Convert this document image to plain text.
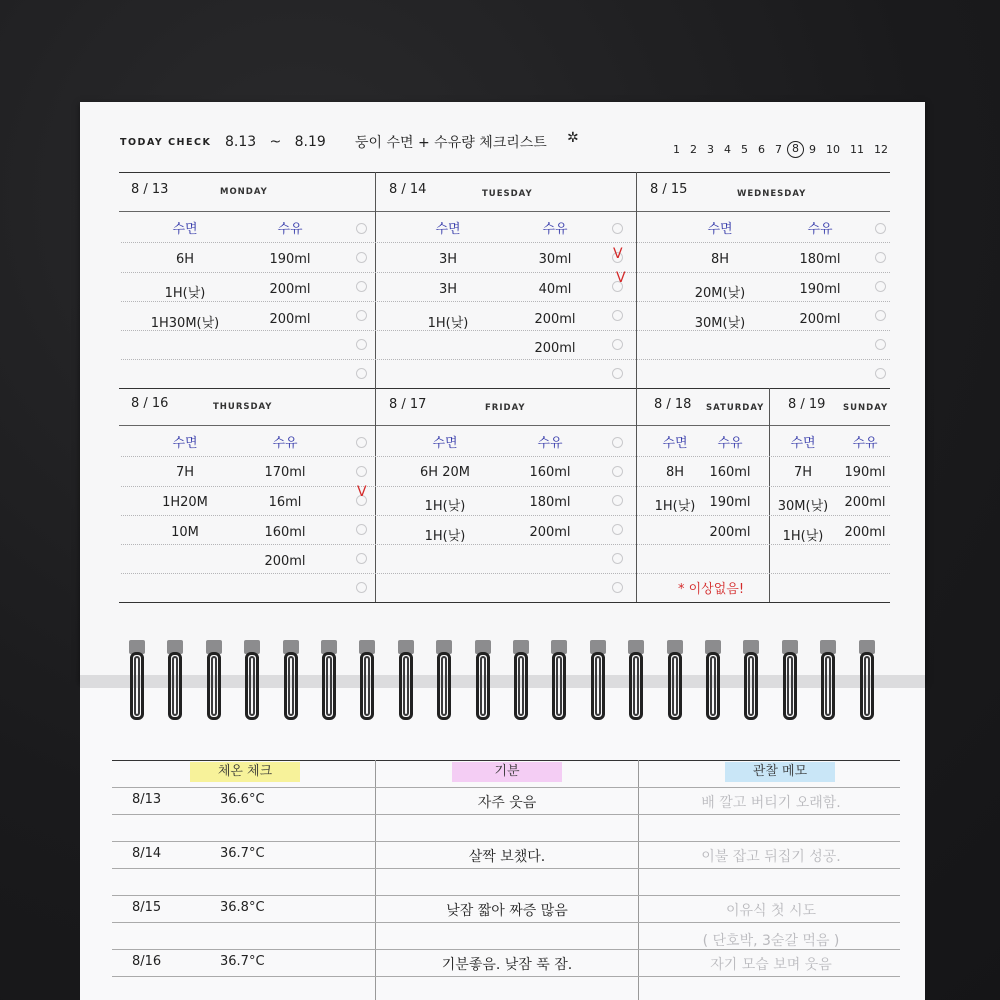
TODAY CHECK 8.13 ~ 8.19 둥이 수면 + 수유량 체크리스트 ✲
1 2 3 4 5 6 7 8 9 10 11 12
8 / 13	MONDAY	8 / 14	TUESDAY	8 / 15	WEDNESDAY
8 / 16	THURSDAY	8 / 17	FRIDAY	8 / 18 SATURDAY 8 / 19 SUNDAY
수면	수유
6H	190ml
1H(낮)	200ml
1H30M(낮)	200ml
수면	수유
3H	30ml
3H	40ml
1H(낮)	200ml
200ml
수면	수유
8H	180ml
20M(낮)	190ml
30M(낮)	200ml
수면	수유
7H	170ml
1H20M	16ml
10M	160ml
200ml
수면	수유
6H 20M	160ml
1H(낮)	180ml
1H(낮)	200ml
수면	수유
8H	160ml
1H(낮)	190ml
200ml
수면	수유
7H	190ml
30M(낮)	200ml
1H(낮)	200ml
V
V
V
* 이상없음!
체온 체크	기분	관찰 메모
8/13	36.6°C	자주 웃음	배 깔고 버티기 오래함.
8/14	36.7°C	살짝 보챘다.	이불 잡고 뒤집기 성공.
8/15	36.8°C	낮잠 짧아 짜증 많음	이유식 첫 시도
( 단호박, 3숟갈 먹음 )
8/16	36.7°C	기분좋음. 낮잠 푹 잠.	자기 모습 보며 웃음
